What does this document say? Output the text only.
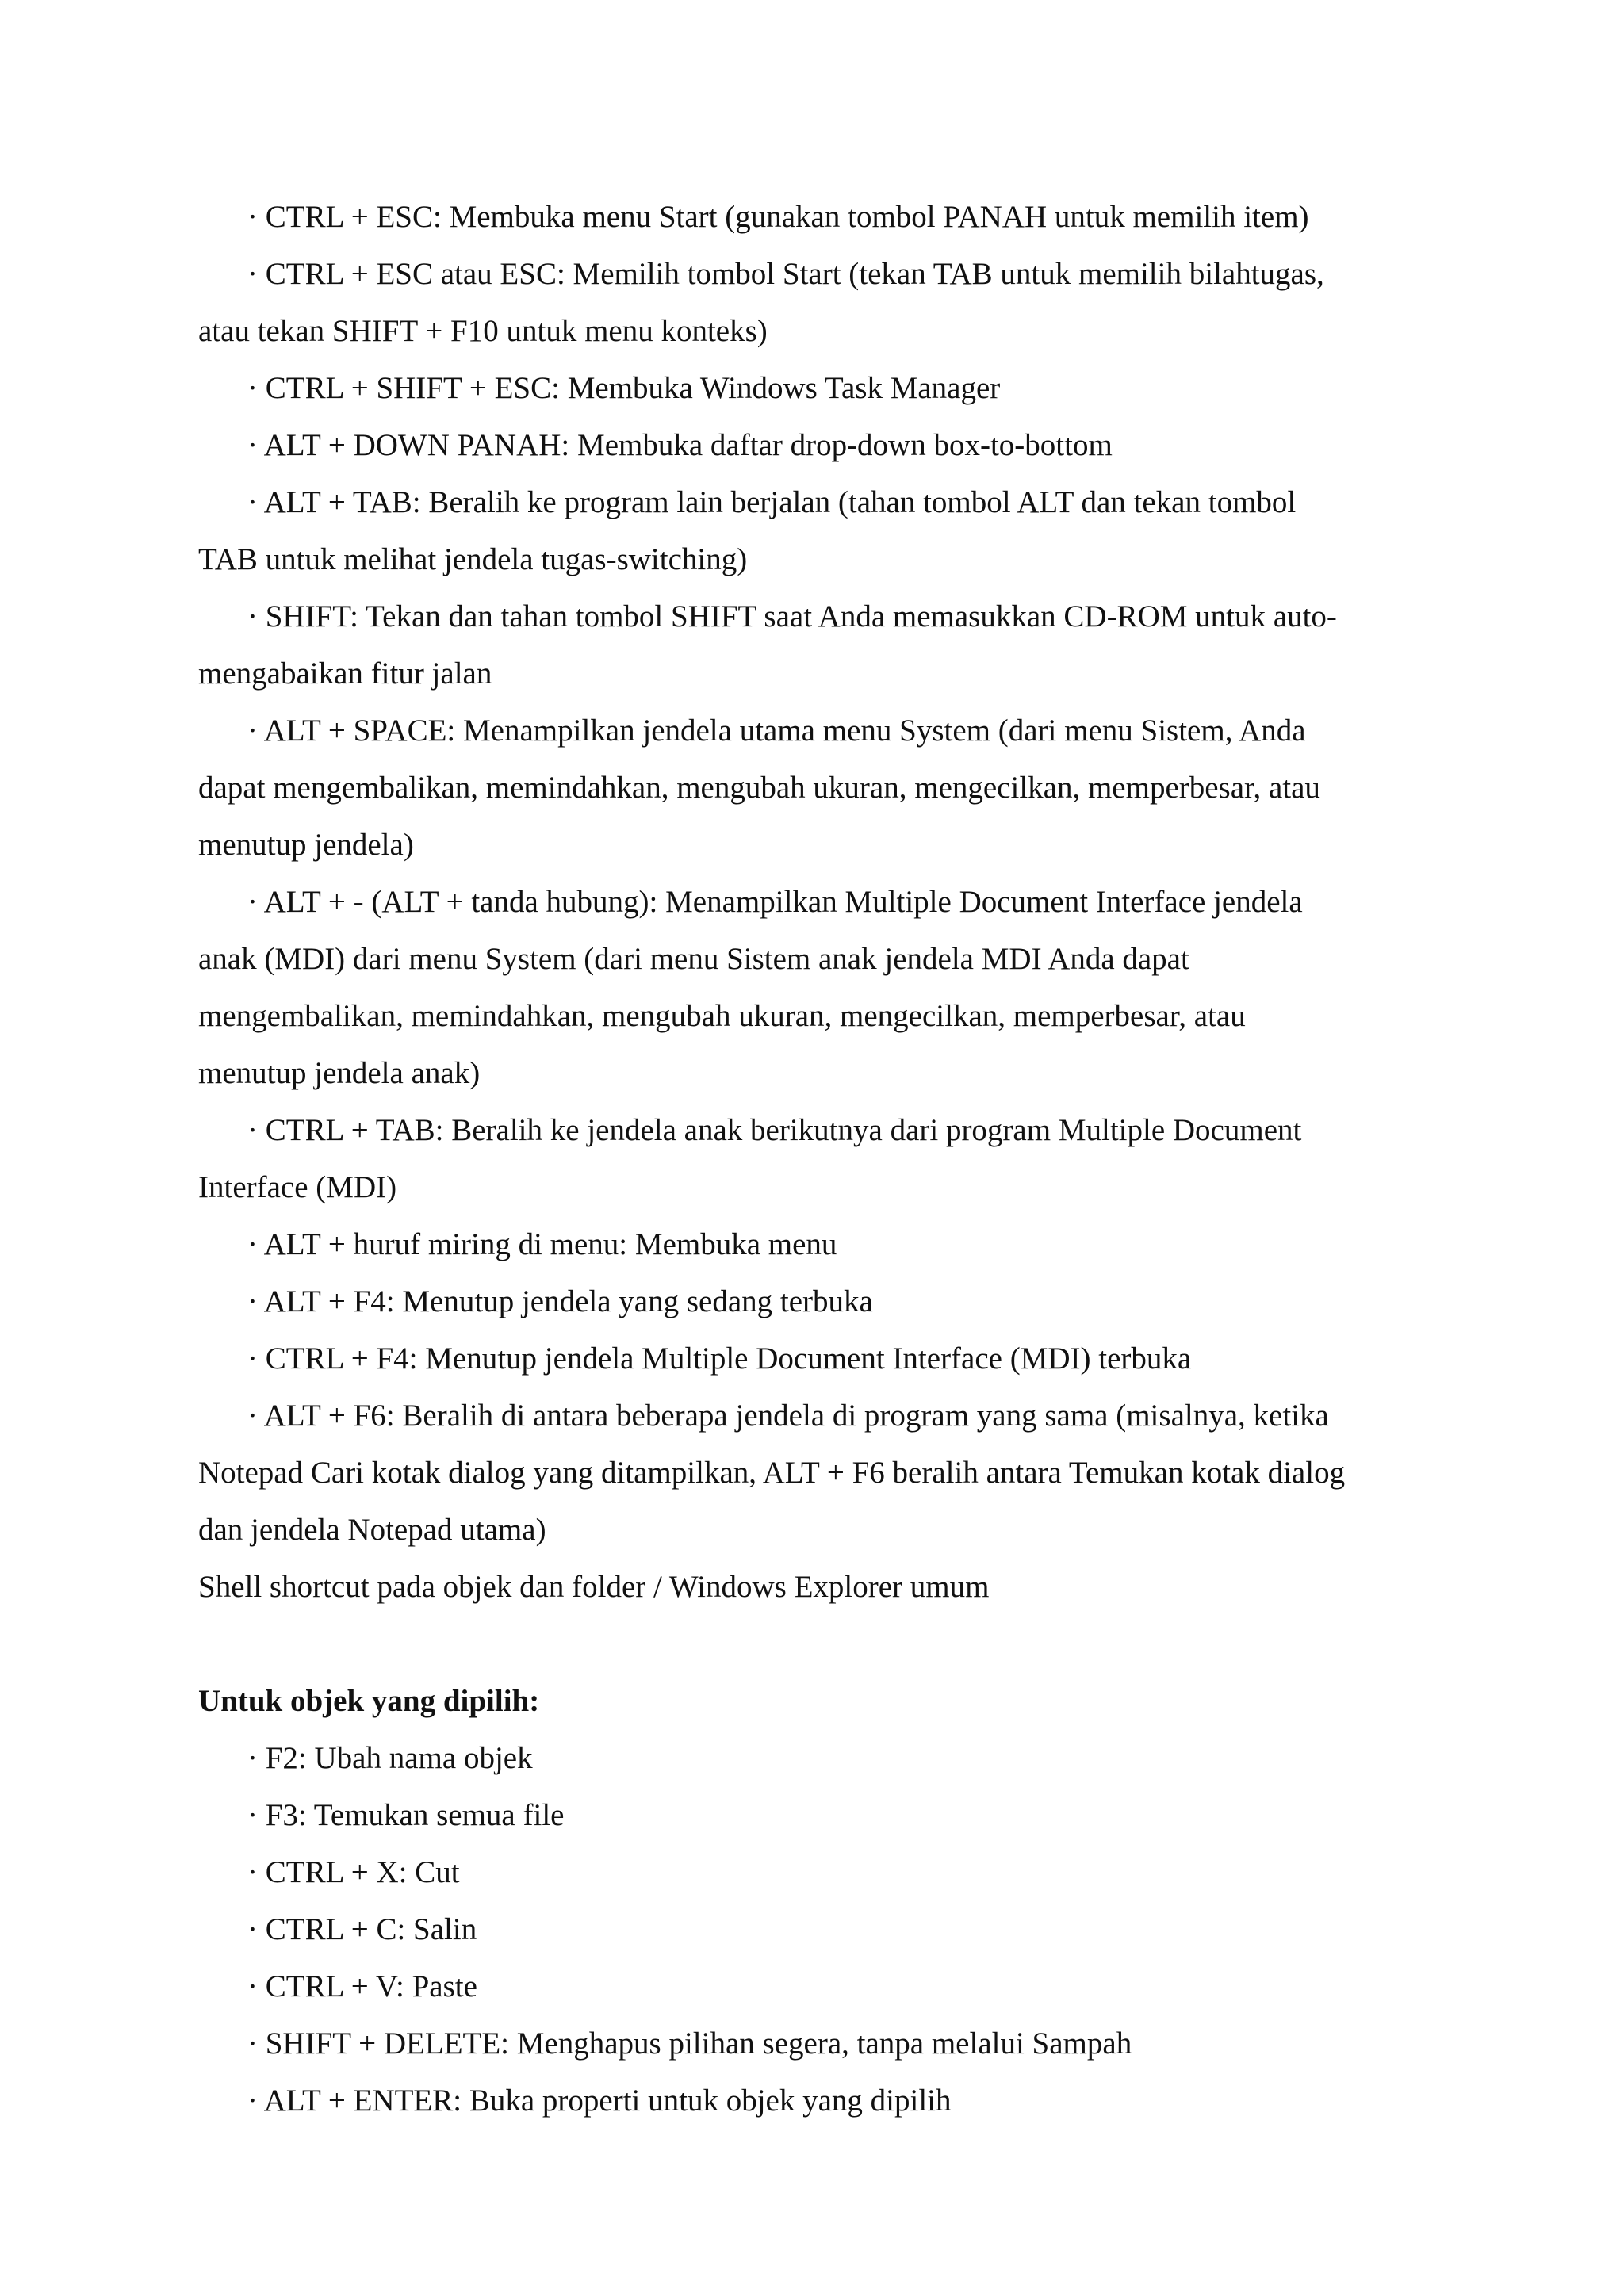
· CTRL + ESC: Membuka menu Start (gunakan tombol PANAH untuk memilih item)
· CTRL + ESC atau ESC: Memilih tombol Start (tekan TAB untuk memilih bilahtugas,
atau tekan SHIFT + F10 untuk menu konteks)
· CTRL + SHIFT + ESC: Membuka Windows Task Manager
· ALT + DOWN PANAH: Membuka daftar drop-down box-to-bottom
· ALT + TAB: Beralih ke program lain berjalan (tahan tombol ALT dan tekan tombol
TAB untuk melihat jendela tugas-switching)
· SHIFT: Tekan dan tahan tombol SHIFT saat Anda memasukkan CD-ROM untuk auto-
mengabaikan fitur jalan
· ALT + SPACE: Menampilkan jendela utama menu System (dari menu Sistem, Anda
dapat mengembalikan, memindahkan, mengubah ukuran, mengecilkan, memperbesar, atau
menutup jendela)
· ALT + - (ALT + tanda hubung): Menampilkan Multiple Document Interface jendela
anak (MDI) dari menu System (dari menu Sistem anak jendela MDI Anda dapat
mengembalikan, memindahkan, mengubah ukuran, mengecilkan, memperbesar, atau
menutup jendela anak)
· CTRL + TAB: Beralih ke jendela anak berikutnya dari program Multiple Document
Interface (MDI)
· ALT + huruf miring di menu: Membuka menu
· ALT + F4: Menutup jendela yang sedang terbuka
· CTRL + F4: Menutup jendela Multiple Document Interface (MDI) terbuka
· ALT + F6: Beralih di antara beberapa jendela di program yang sama (misalnya, ketika
Notepad Cari kotak dialog yang ditampilkan, ALT + F6 beralih antara Temukan kotak dialog
dan jendela Notepad utama)
Shell shortcut pada objek dan folder / Windows Explorer umum
Untuk objek yang dipilih:
· F2: Ubah nama objek
· F3: Temukan semua file
· CTRL + X: Cut
· CTRL + C: Salin
· CTRL + V: Paste
· SHIFT + DELETE: Menghapus pilihan segera, tanpa melalui Sampah
· ALT + ENTER: Buka properti untuk objek yang dipilih
